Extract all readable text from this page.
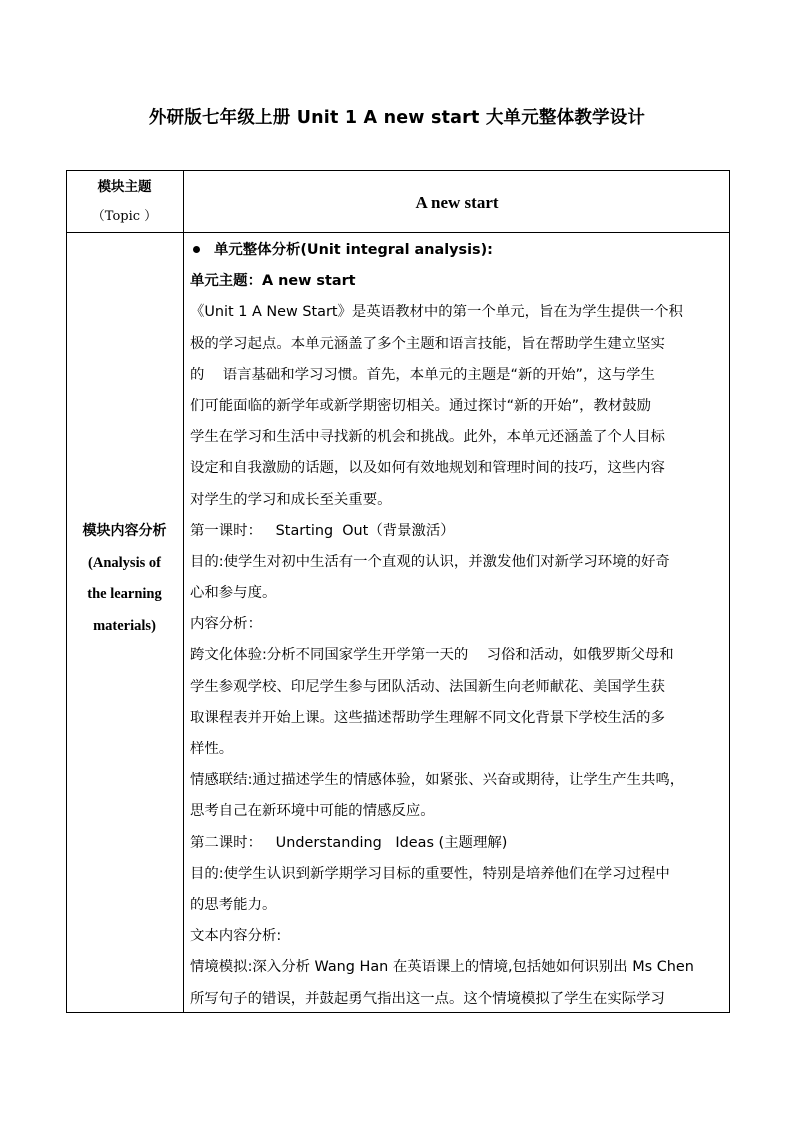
外研版七年级上册 Unit 1 A new start 大单元整体教学设计
模块主题
（Topic ）
A new start
模块内容分析
(Analysis of
the learning
materials)
单元整体分析(Unit integral analysis):
单元主题：A new start
《Unit 1 A New Start》是英语教材中的第一个单元，旨在为学生提供一个积
极的学习起点。本单元涵盖了多个主题和语言技能，旨在帮助学生建立坚实
的    语言基础和学习习惯。首先，本单元的主题是“新的开始”，这与学生
们可能面临的新学年或新学期密切相关。通过探讨“新的开始”，教材鼓励
学生在学习和生活中寻找新的机会和挑战。此外，本单元还涵盖了个人目标
设定和自我激励的话题，以及如何有效地规划和管理时间的技巧，这些内容
对学生的学习和成长至关重要。
第一课时：   Starting  Out（背景激活）
目的:使学生对初中生活有一个直观的认识，并激发他们对新学习环境的好奇
心和参与度。
内容分析：
跨文化体验:分析不同国家学生开学第一天的    习俗和活动，如俄罗斯父母和
学生参观学校、印尼学生参与团队活动、法国新生向老师献花、美国学生获
取课程表并开始上课。这些描述帮助学生理解不同文化背景下学校生活的多
样性。
情感联结:通过描述学生的情感体验，如紧张、兴奋或期待，让学生产生共鸣，
思考自己在新环境中可能的情感反应。
第二课时：   Understanding   Ideas (主题理解)
目的:使学生认识到新学期学习目标的重要性，特别是培养他们在学习过程中
的思考能力。
文本内容分析:
情境模拟:深入分析 Wang Han 在英语课上的情境,包括她如何识别出 Ms Chen
所写句子的错误，并鼓起勇气指出这一点。这个情境模拟了学生在实际学习
